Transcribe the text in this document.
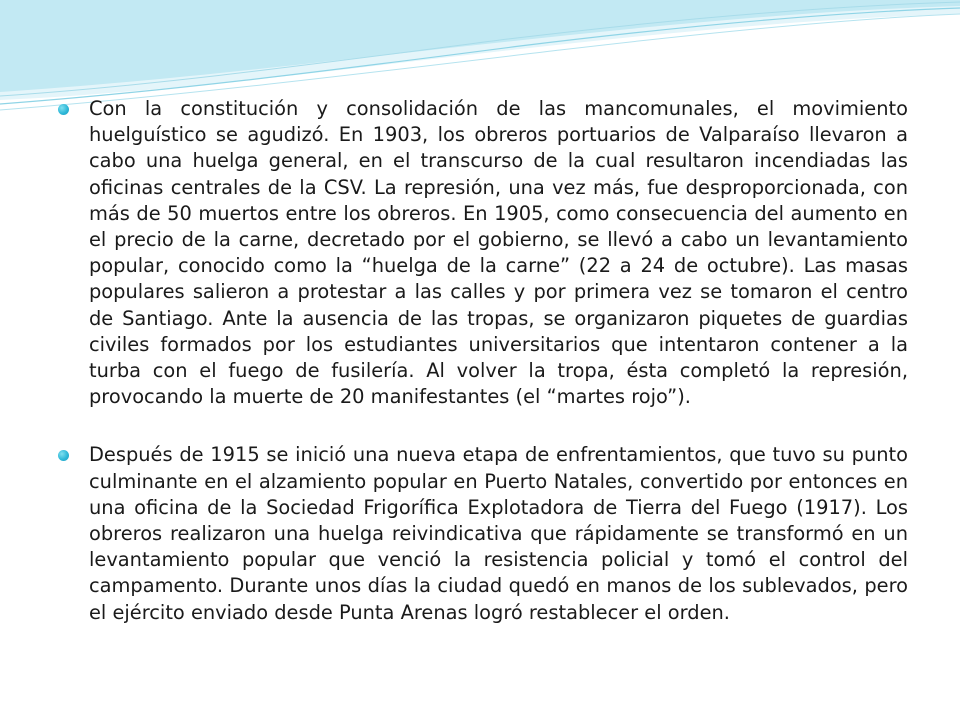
Con la constitución y consolidación de las mancomunales, el movimiento huelguístico se agudizó. En 1903, los obreros portuarios de Valparaíso llevaron a cabo una huelga general, en el transcurso de la cual resultaron incendiadas las oficinas centrales de la CSV. La represión, una vez más, fue desproporcionada, con más de 50 muertos entre los obreros. En 1905, como consecuencia del aumento en el precio de la carne, decretado por el gobierno, se llevó a cabo un levantamiento popular, conocido como la “huelga de la carne” (22 a 24 de octubre). Las masas populares salieron a protestar a las calles y por primera vez se tomaron el centro de Santiago. Ante la ausencia de las tropas, se organizaron piquetes de guardias civiles formados por los estudiantes universitarios que intentaron contener a la turba con el fuego de fusilería. Al volver la tropa, ésta completó la represión, provocando la muerte de 20 manifestantes (el “martes rojo”).

Después de 1915 se inició una nueva etapa de enfrentamientos, que tuvo su punto culminante en el alzamiento popular en Puerto Natales, convertido por entonces en una oficina de la Sociedad Frigorífica Explotadora de Tierra del Fuego (1917). Los obreros realizaron una huelga reivindicativa que rápidamente se transformó en un levantamiento popular que venció la resistencia policial y tomó el control del campamento. Durante unos días la ciudad quedó en manos de los sublevados, pero el ejército enviado desde Punta Arenas logró restablecer el orden.
